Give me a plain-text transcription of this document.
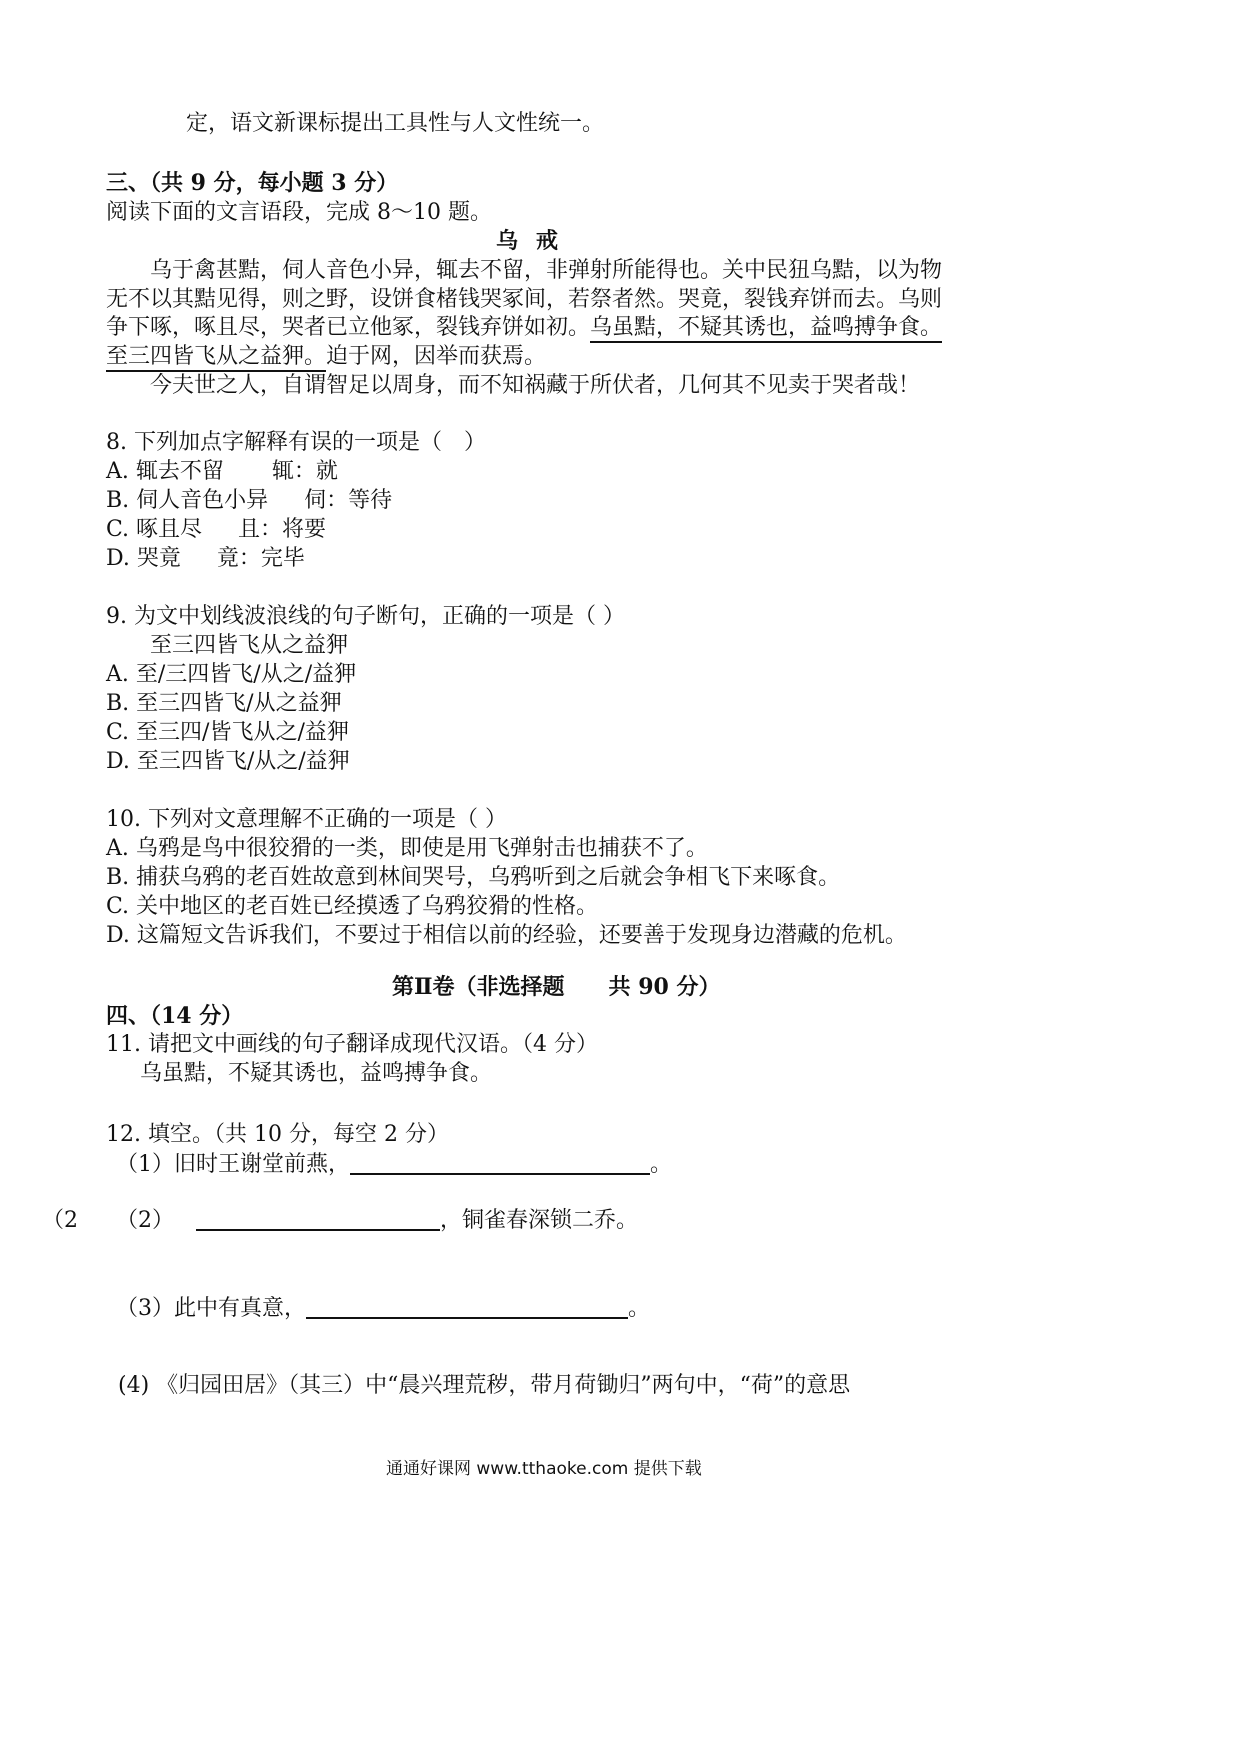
定，语文新课标提出工具性与人文性统一。
三、（共 9 分，每小题 3 分）
阅读下面的文言语段，完成 8～10 题。
乌戒
乌于禽甚黠，伺人音色小异，辄去不留，非弹射所能得也。关中民狃乌黠，以为物
无不以其黠见得，则之野，设饼食楮钱哭冢间，若祭者然。哭竟，裂钱弃饼而去。乌则
争下啄，啄且尽，哭者已立他冢，裂钱弃饼如初。乌虽黠，不疑其诱也，益鸣搏争食。
至三四皆飞从之益狎。迫于网，因举而获焉。
今夫世之人，自谓智足以周身，而不知祸藏于所伏者，几何其不见卖于哭者哉！
8. 下列加点字解释有误的一项是（　）
A. 辄去不留 辄：就
B. 伺人音色小异 伺：等待
C. 啄且尽 且：将要
D. 哭竟 竟：完毕
9. 为文中划线波浪线的句子断句，正确的一项是（ ）
至三四皆飞从之益狎
A. 至/三四皆飞/从之/益狎
B. 至三四皆飞/从之益狎
C. 至三四/皆飞从之/益狎
D. 至三四皆飞/从之/益狎
10. 下列对文意理解不正确的一项是（ ）
A. 乌鸦是鸟中很狡猾的一类，即使是用飞弹射击也捕获不了。
B. 捕获乌鸦的老百姓故意到林间哭号，乌鸦听到之后就会争相飞下来啄食。
C. 关中地区的老百姓已经摸透了乌鸦狡猾的性格。
D. 这篇短文告诉我们，不要过于相信以前的经验，还要善于发现身边潜藏的危机。
第Ⅱ卷（非选择题　　共 90 分）
四、（14 分）
11. 请把文中画线的句子翻译成现代汉语。（4 分）
乌虽黠，不疑其诱也，益鸣搏争食。
12. 填空。（共 10 分，每空 2 分）
（1）旧时王谢堂前燕，	。
（2 （2）	，铜雀春深锁二乔。
（3）此中有真意，	。
(4) 《归园田居》（其三）中“晨兴理荒秽，带月荷锄归”两句中，“荷”的意思
通通好课网 www.tthaoke.com 提供下载
